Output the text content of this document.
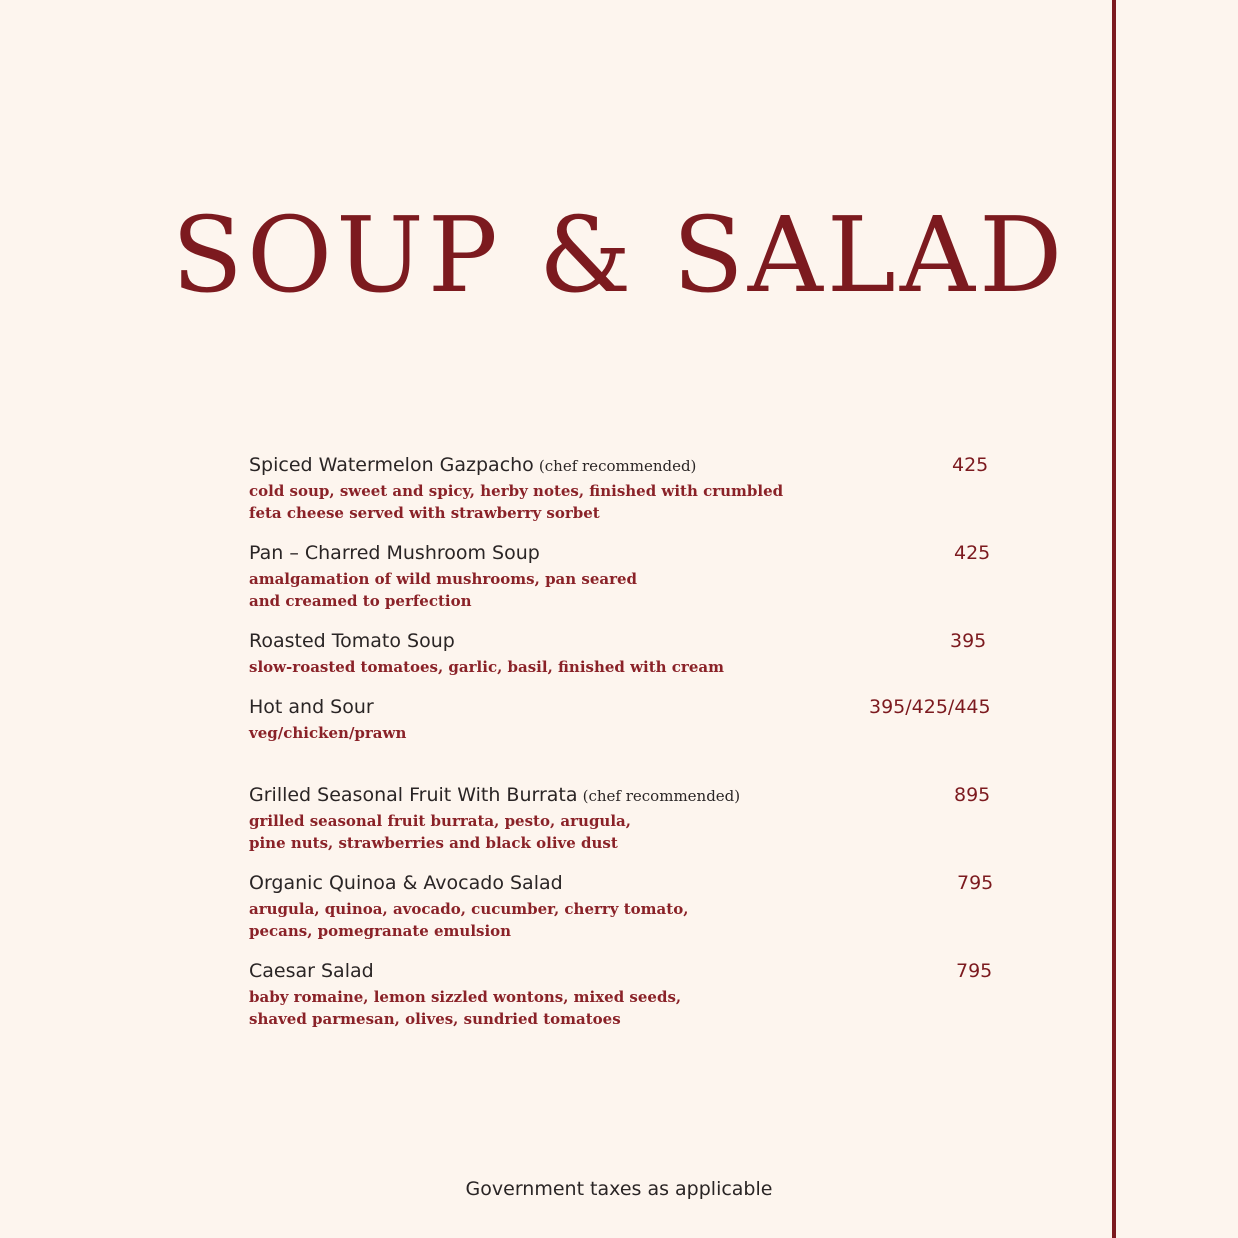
SOUP & SALAD
Spiced Watermelon Gazpacho (chef recommended)	425
cold soup, sweet and spicy, herby notes, finished with crumbled
feta cheese served with strawberry sorbet
Pan – Charred Mushroom Soup	425
amalgamation of wild mushrooms, pan seared
and creamed to perfection
Roasted Tomato Soup	395
slow-roasted tomatoes, garlic, basil, finished with cream
Hot and Sour	395/425/445
veg/chicken/prawn
Grilled Seasonal Fruit With Burrata (chef recommended)	895
grilled seasonal fruit burrata, pesto, arugula,
pine nuts, strawberries and black olive dust
Organic Quinoa & Avocado Salad	795
arugula, quinoa, avocado, cucumber, cherry tomato,
pecans, pomegranate emulsion
Caesar Salad	795
baby romaine, lemon sizzled wontons, mixed seeds,
shaved parmesan, olives, sundried tomatoes
Government taxes as applicable
